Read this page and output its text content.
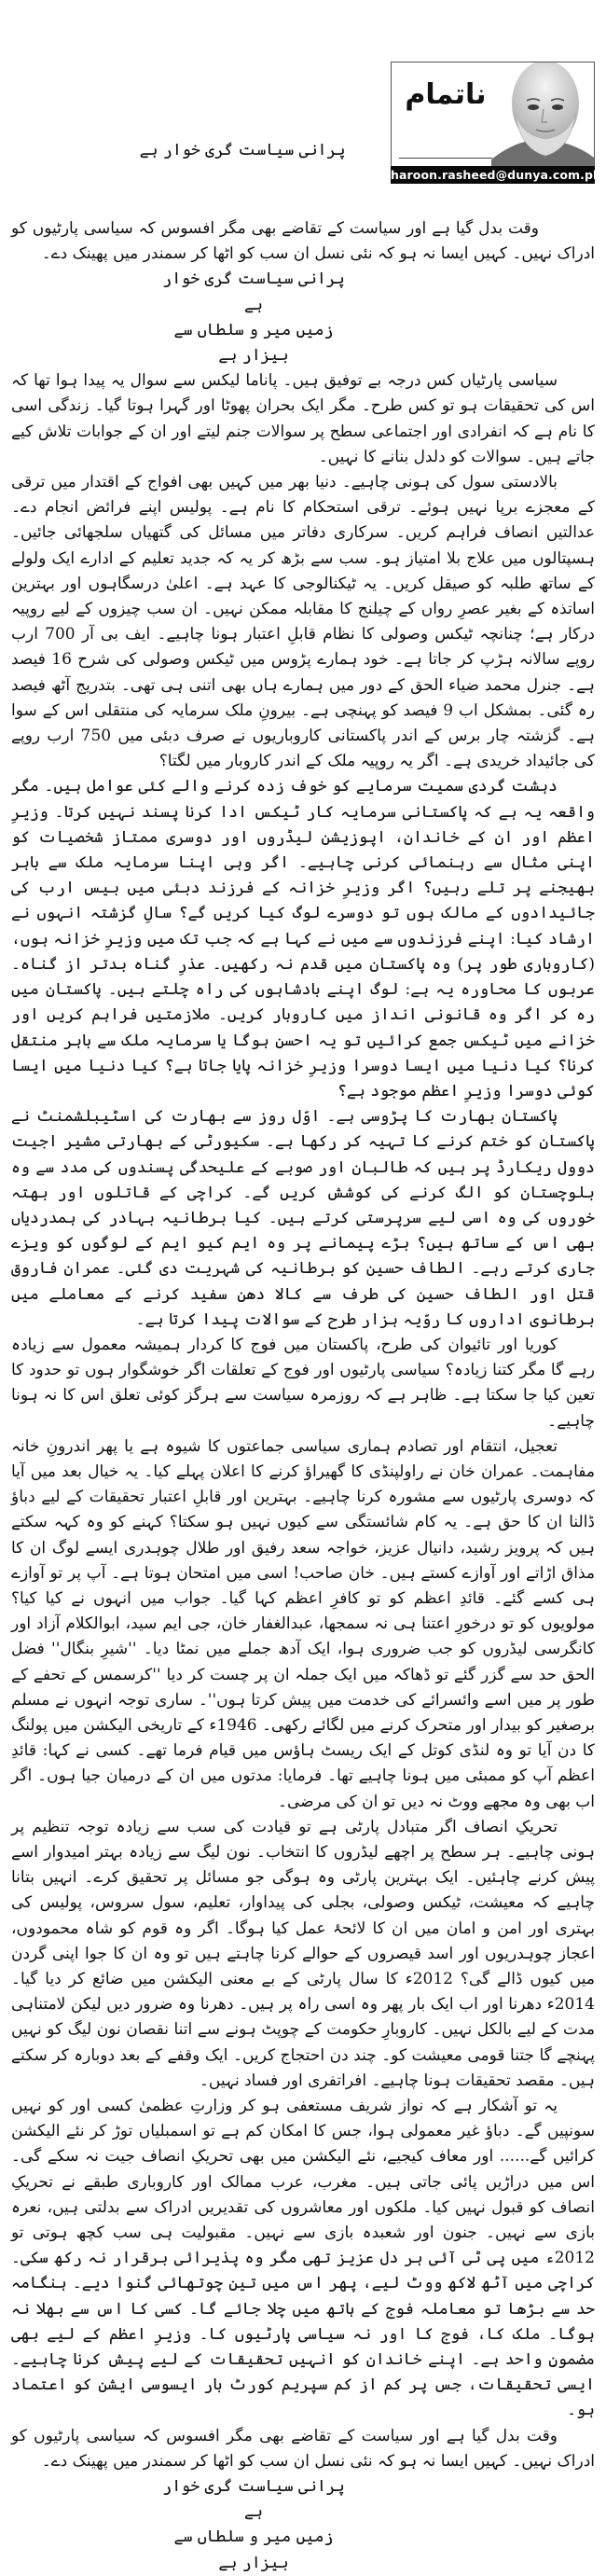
ناتمام
haroon.rasheed@dunya.com.pk
پرانی سیاست گری خوار ہے

وقت بدل گیا ہے اور سیاست کے تقاضے بھی مگر افسوس کہ سیاسی پارٹیوں کو ادراک نہیں۔ کہیں ایسا نہ ہو کہ نئی نسل ان سب کو اٹھا کر سمندر میں پھینک دے۔

پرانی سیاست گری خوار ہے

زمیں میر و سلطاں سے بیزار ہے

سیاسی پارٹیاں کس درجہ بے توفیق ہیں۔ پاناما لیکس سے سوال یہ پیدا ہوا تھا کہ اس کی تحقیقات ہو تو کس طرح۔ مگر ایک بحران پھوٹا اور گہرا ہوتا گیا۔ زندگی اسی کا نام ہے کہ انفرادی اور اجتماعی سطح پر سوالات جنم لیتے اور ان کے جوابات تلاش کیے جاتے ہیں۔ سوالات کو دلدل بنانے کا نہیں۔

بالادستی سول کی ہونی چاہیے۔ دنیا بھر میں کہیں بھی افواج کے اقتدار میں ترقی کے معجزے برپا نہیں ہوئے۔ ترقی استحکام کا نام ہے۔ پولیس اپنے فرائض انجام دے۔ عدالتیں انصاف فراہم کریں۔ سرکاری دفاتر میں مسائل کی گتھیاں سلجھائی جائیں۔ ہسپتالوں میں علاج بلا امتیاز ہو۔ سب سے بڑھ کر یہ کہ جدید تعلیم کے ادارے ایک ولولے کے ساتھ طلبہ کو صیقل کریں۔ یہ ٹیکنالوجی کا عہد ہے۔ اعلیٰ درسگاہوں اور بہترین اساتذہ کے بغیر عصرِ رواں کے چیلنج کا مقابلہ ممکن نہیں۔ ان سب چیزوں کے لیے روپیہ درکار ہے؛ چنانچہ ٹیکس وصولی کا نظام قابلِ اعتبار ہونا چاہیے۔ ایف بی آر 700 ارب روپے سالانہ ہڑپ کر جاتا ہے۔ خود ہمارے پڑوس میں ٹیکس وصولی کی شرح 16 فیصد ہے۔ جنرل محمد ضیاء الحق کے دور میں ہمارے ہاں بھی اتنی ہی تھی۔ بتدریج آٹھ فیصد رہ گئی۔ بمشکل اب 9 فیصد کو پہنچی ہے۔ بیرونِ ملک سرمایہ کی منتقلی اس کے سوا ہے۔ گزشتہ چار برس کے اندر پاکستانی کاروباریوں نے صرف دبئی میں 750 ارب روپے کی جائیداد خریدی ہے۔ اگر یہ روپیہ ملک کے اندر کاروبار میں لگتا؟

دہشت گردی سمیت سرمایے کو خوف زدہ کرنے والے کئی عوامل ہیں۔ مگر واقعہ یہ ہے کہ پاکستانی سرمایہ کار ٹیکس ادا کرنا پسند نہیں کرتا۔ وزیرِ اعظم اور ان کے خاندان، اپوزیشن لیڈروں اور دوسری ممتاز شخصیات کو اپنی مثال سے رہنمائی کرنی چاہیے۔ اگر وہی اپنا سرمایہ ملک سے باہر بھیجنے پر تلے رہیں؟ اگر وزیرِ خزانہ کے فرزند دبئی میں بیس ارب کی جائیدادوں کے مالک ہوں تو دوسرے لوگ کیا کریں گے؟ سالِ گزشتہ انہوں نے ارشاد کیا: اپنے فرزندوں سے میں نے کہا ہے کہ جب تک میں وزیرِ خزانہ ہوں، (کاروباری طور پر) وہ پاکستان میں قدم نہ رکھیں۔ عذرِ گناہ بدتر از گناہ۔ عربوں کا محاورہ یہ ہے: لوگ اپنے بادشاہوں کی راہ چلتے ہیں۔ پاکستان میں رہ کر اگر وہ قانونی انداز میں کاروبار کریں۔ ملازمتیں فراہم کریں اور خزانے میں ٹیکس جمع کرائیں تو یہ احسن ہوگا یا سرمایہ ملک سے باہر منتقل کرنا؟ کیا دنیا میں ایسا دوسرا وزیرِ خزانہ پایا جاتا ہے؟ کیا دنیا میں ایسا کوئی دوسرا وزیرِ اعظم موجود ہے؟

پاکستان بھارت کا پڑوسی ہے۔ اوّل روز سے بھارت کی اسٹیبلشمنٹ نے پاکستان کو ختم کرنے کا تہیہ کر رکھا ہے۔ سکیورٹی کے بھارتی مشیر اجیت دوول ریکارڈ پر ہیں کہ طالبان اور صوبے کے علیحدگی پسندوں کی مدد سے وہ بلوچستان کو الگ کرنے کی کوشش کریں گے۔ کراچی کے قاتلوں اور بھتہ خوروں کی وہ اسی لیے سرپرستی کرتے ہیں۔ کیا برطانیہ بہادر کی ہمدردیاں بھی اس کے ساتھ ہیں؟ بڑے پیمانے پر وہ ایم کیو ایم کے لوگوں کو ویزے جاری کرتے رہے۔ الطاف حسین کو برطانیہ کی شہریت دی گئی۔ عمران فاروق قتل اور الطاف حسین کی طرف سے کالا دھن سفید کرنے کے معاملے میں برطانوی اداروں کا روّیہ ہزار طرح کے سوالات پیدا کرتا ہے۔

کوریا اور تائیوان کی طرح، پاکستان میں فوج کا کردار ہمیشہ معمول سے زیادہ رہے گا مگر کتنا زیادہ؟ سیاسی پارٹیوں اور فوج کے تعلقات اگر خوشگوار ہوں تو حدود کا تعین کیا جا سکتا ہے۔ ظاہر ہے کہ روزمرہ سیاست سے ہرگز کوئی تعلق اس کا نہ ہونا چاہیے۔

تعجیل، انتقام اور تصادم ہماری سیاسی جماعتوں کا شیوہ ہے یا پھر اندرونِ خانہ مفاہمت۔ عمران خان نے راولپنڈی کا گھیراؤ کرنے کا اعلان پہلے کیا۔ یہ خیال بعد میں آیا کہ دوسری پارٹیوں سے مشورہ کرنا چاہیے۔ بہترین اور قابلِ اعتبار تحقیقات کے لیے دباؤ ڈالنا ان کا حق ہے۔ یہ کام شائستگی سے کیوں نہیں ہو سکتا؟ کہنے کو وہ کہہ سکتے ہیں کہ پرویز رشید، دانیال عزیز، خواجہ سعد رفیق اور طلال چوہدری ایسے لوگ ان کا مذاق اڑاتے اور آوازے کستے ہیں۔ خان صاحب! اسی میں امتحان ہوتا ہے۔ آپ پر تو آوازے ہی کسے گئے۔ قائدِ اعظم کو تو کافرِ اعظم کہا گیا۔ جواب میں انہوں نے کیا کیا؟ مولویوں کو تو درخورِ اعتنا ہی نہ سمجھا، عبدالغفار خان، جی ایم سید، ابوالکلام آزاد اور کانگرسی لیڈروں کو جب ضروری ہوا، ایک آدھ جملے میں نمٹا دیا۔ ''شیرِ بنگال'' فضل الحق حد سے گزر گئے تو ڈھاکہ میں ایک جملہ ان پر چست کر دیا ''کرسمس کے تحفے کے طور پر میں اسے وائسرائے کی خدمت میں پیش کرتا ہوں''۔ ساری توجہ انہوں نے مسلم برصغیر کو بیدار اور متحرک کرنے میں لگائے رکھی۔ 1946ء کے تاریخی الیکشن میں پولنگ کا دن آیا تو وہ لنڈی کوتل کے ایک ریسٹ ہاؤس میں قیام فرما تھے۔ کسی نے کہا: قائدِ اعظم آپ کو ممبئی میں ہونا چاہیے تھا۔ فرمایا: مدتوں میں ان کے درمیان جیا ہوں۔ اگر اب بھی وہ مجھے ووٹ نہ دیں تو ان کی مرضی۔

تحریکِ انصاف اگر متبادل پارٹی ہے تو قیادت کی سب سے زیادہ توجہ تنظیم پر ہونی چاہیے۔ ہر سطح پر اچھے لیڈروں کا انتخاب۔ نون لیگ سے زیادہ بہتر امیدوار اسے پیش کرنے چاہئیں۔ ایک بہترین پارٹی وہ ہوگی جو مسائل پر تحقیق کرے۔ انہیں بتانا چاہیے کہ معیشت، ٹیکس وصولی، بجلی کی پیداوار، تعلیم، سول سروس، پولیس کی بہتری اور امن و امان میں ان کا لائحۂ عمل کیا ہوگا۔ اگر وہ قوم کو شاہ محمودوں، اعجاز چوہدریوں اور اسد قیصروں کے حوالے کرنا چاہتے ہیں تو وہ ان کا جوا اپنی گردن میں کیوں ڈالے گی؟ 2012ء کا سال پارٹی کے بے معنی الیکشن میں ضائع کر دیا گیا۔ 2014ء دھرنا اور اب ایک بار پھر وہ اسی راہ پر ہیں۔ دھرنا وہ ضرور دیں لیکن لامتناہی مدت کے لیے بالکل نہیں۔ کاروبارِ حکومت کے چوپٹ ہونے سے اتنا نقصان نون لیگ کو نہیں پہنچے گا جتنا قومی معیشت کو۔ چند دن احتجاج کریں۔ ایک وقفے کے بعد دوبارہ کر سکتے ہیں۔ مقصد تحقیقات ہونا چاہیے۔ افراتفری اور فساد نہیں۔

یہ تو آشکار ہے کہ نواز شریف مستعفی ہو کر وزارتِ عظمیٰ کسی اور کو نہیں سونپیں گے۔ دباؤ غیر معمولی ہوا، جس کا امکان کم ہے تو اسمبلیاں توڑ کر نئے الیکشن کرائیں گے...... اور معاف کیجیے، نئے الیکشن میں بھی تحریکِ انصاف جیت نہ سکے گی۔ اس میں دراڑیں پائی جاتی ہیں۔ مغرب، عرب ممالک اور کاروباری طبقے نے تحریکِ انصاف کو قبول نہیں کیا۔ ملکوں اور معاشروں کی تقدیریں ادراک سے بدلتی ہیں، نعرہ بازی سے نہیں۔ جنون اور شعبدہ بازی سے نہیں۔ مقبولیت ہی سب کچھ ہوتی تو 2012ء میں پی ٹی آئی ہر دل عزیز تھی مگر وہ پذیرائی برقرار نہ رکھ سکی۔ کراچی میں آٹھ لاکھ ووٹ لیے، پھر اس میں تین چوتھائی گنوا دیے۔ ہنگامہ حد سے بڑھا تو معاملہ فوج کے ہاتھ میں چلا جائے گا۔ کسی کا اس سے بھلا نہ ہوگا۔ ملک کا، فوج کا اور نہ سیاسی پارٹیوں کا۔ وزیرِ اعظم کے لیے بھی مضمونِ واحد ہے۔ اپنے خاندان کو انہیں تحقیقات کے لیے پیش کرنا چاہیے۔ ایسی تحقیقات، جس پر کم از کم سپریم کورٹ بار ایسوسی ایشن کو اعتماد ہو۔

وقت بدل گیا ہے اور سیاست کے تقاضے بھی مگر افسوس کہ سیاسی پارٹیوں کو ادراک نہیں۔ کہیں ایسا نہ ہو کہ نئی نسل ان سب کو اٹھا کر سمندر میں پھینک دے۔

پرانی سیاست گری خوار ہے

زمیں میر و سلطاں سے بیزار ہے
